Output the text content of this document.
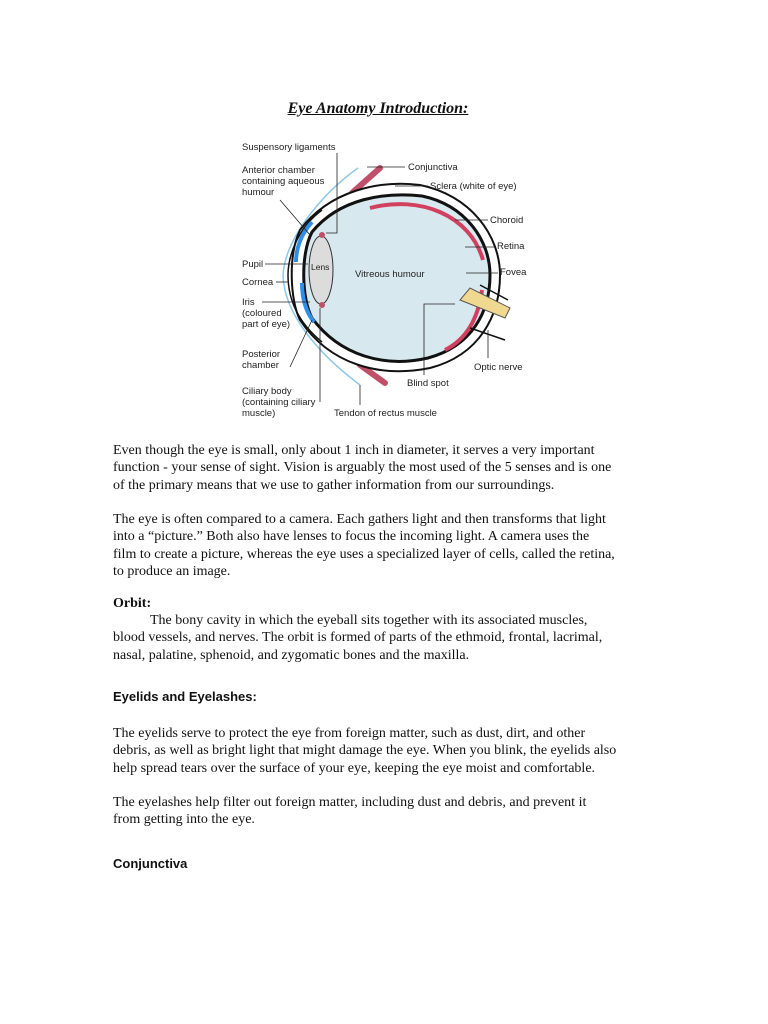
Eye Anatomy Introduction:
Suspensory ligaments
Anterior chamber
containing aqueous
humour
Conjunctiva
Sclera (white of eye)
Choroid
Retina
Fovea
Pupil	Lens
Vitreous humour
Cornea
Iris
(coloured
part of eye)
Posterior
chamber
Ciliary body
(containing ciliary
muscle)	Tendon of rectus muscle
Blind spot
Optic nerve
Even though the eye is small, only about 1 inch in diameter, it serves a very important
function - your sense of sight. Vision is arguably the most used of the 5 senses and is one
of the primary means that we use to gather information from our surroundings.
The eye is often compared to a camera. Each gathers light and then transforms that light
into a “picture.” Both also have lenses to focus the incoming light. A camera uses the
film to create a picture, whereas the eye uses a specialized layer of cells, called the retina,
to produce an image.
Orbit:
The bony cavity in which the eyeball sits together with its associated muscles,
blood vessels, and nerves. The orbit is formed of parts of the ethmoid, frontal, lacrimal,
nasal, palatine, sphenoid, and zygomatic bones and the maxilla.
Eyelids and Eyelashes:
The eyelids serve to protect the eye from foreign matter, such as dust, dirt, and other
debris, as well as bright light that might damage the eye. When you blink, the eyelids also
help spread tears over the surface of your eye, keeping the eye moist and comfortable.
The eyelashes help filter out foreign matter, including dust and debris, and prevent it
from getting into the eye.
Conjunctiva
